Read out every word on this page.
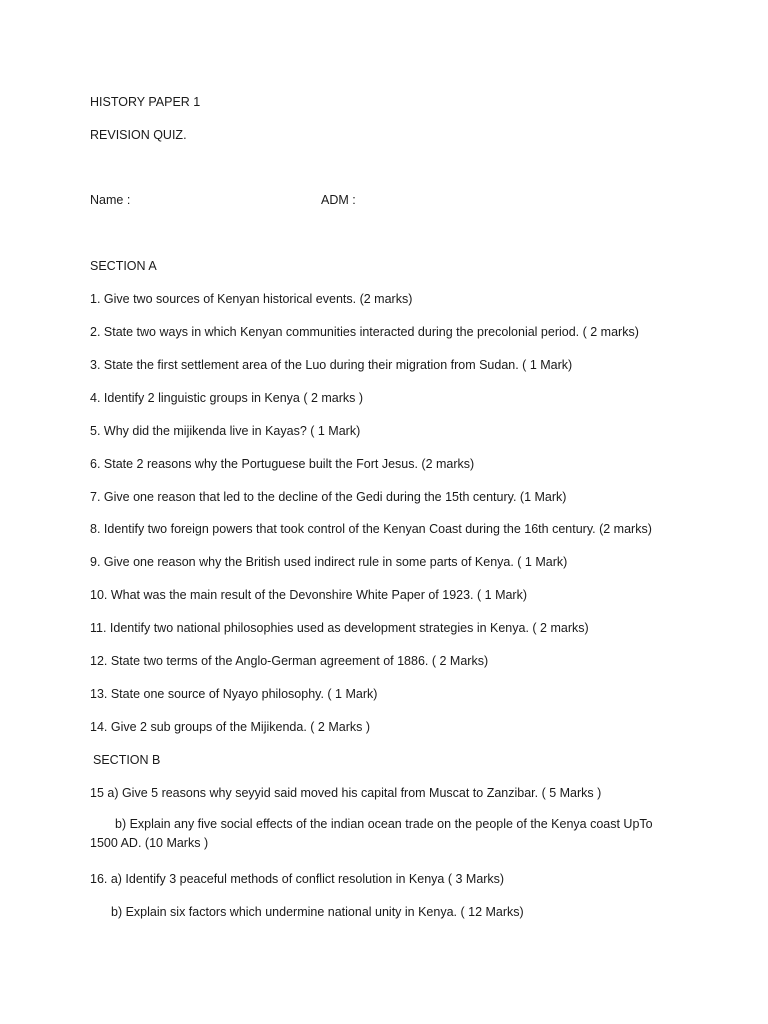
HISTORY PAPER 1
REVISION QUIZ.
Name :	ADM :
SECTION A
1. Give two sources of Kenyan historical events. (2 marks)
2. State two ways in which Kenyan communities interacted during the precolonial period. ( 2 marks)
3. State the first settlement area of the Luo during their migration from Sudan. ( 1 Mark)
4. Identify 2 linguistic groups in Kenya ( 2 marks )
5. Why did the mijikenda live in Kayas? ( 1 Mark)
6. State 2 reasons why the Portuguese built the Fort Jesus. (2 marks)
7. Give one reason that led to the decline of the Gedi during the 15th century. (1 Mark)
8. Identify two foreign powers that took control of the Kenyan Coast during the 16th century. (2 marks)
9. Give one reason why the British used indirect rule in some parts of Kenya. ( 1 Mark)
10. What was the main result of the Devonshire White Paper of 1923. ( 1 Mark)
11. Identify two national philosophies used as development strategies in Kenya. ( 2 marks)
12. State two terms of the Anglo-German agreement of 1886. ( 2 Marks)
13. State one source of Nyayo philosophy. ( 1 Mark)
14. Give 2 sub groups of the Mijikenda. ( 2 Marks )
SECTION B
15 a) Give 5 reasons why seyyid said moved his capital from Muscat to Zanzibar. ( 5 Marks )
b) Explain any five social effects of the indian ocean trade on the people of the Kenya coast UpTo 1500 AD. (10 Marks )
16. a) Identify 3 peaceful methods of conflict resolution in Kenya ( 3 Marks)
b) Explain six factors which undermine national unity in Kenya. ( 12 Marks)
